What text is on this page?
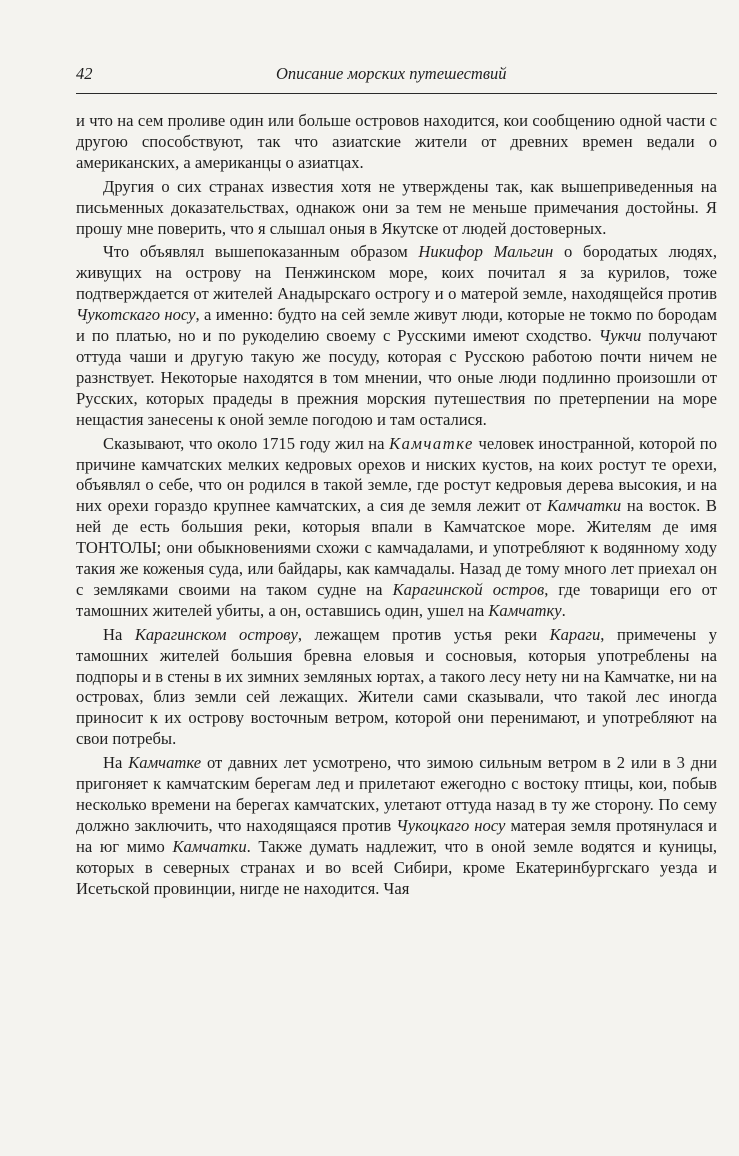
42	Описание морских путешествий

и что на сем проливе один или больше островов находится, кои сообщению одной части с другою способствуют, так что азиатские жители от древних времен ведали о американских, а американцы о азиатцах.

Другия о сих странах известия хотя не утверждены так, как вышеприведенныя на письменных доказательствах, однакож они за тем не меньше примечания достойны. Я прошу мне поверить, что я слышал оныя в Якутске от людей достоверных.

Что объявлял вышепоказанным образом Никифор Мальгин о бородатых людях, живущих на острову на Пенжинском море, коих почитал я за курилов, тоже подтверждается от жителей Анадырскаго острогу и о матерой земле, находящейся против Чукотскаго носу, а именно: будто на сей земле живут люди, которые не токмо по бородам и по платью, но и по рукоделию своему с Русскими имеют сходство. Чукчи получают оттуда чаши и другую такую же посуду, которая с Русскою работою почти ничем не разнствует. Некоторые находятся в том мнении, что оные люди подлинно произошли от Русских, которых прадеды в прежния морския путешествия по претерпении на море нещастия занесены к оной земле погодою и там осталися.

Сказывают, что около 1715 году жил на Камчатке человек иностранной, которой по причине камчатских мелких кедровых орехов и ниских кустов, на коих ростут те орехи, объявлял о себе, что он родился в такой земле, где ростут кедровыя дерева высокия, и на них орехи гораздо крупнее камчатских, а сия де земля лежит от Камчатки на восток. В ней де есть большия реки, которыя впали в Камчатское море. Жителям де имя ТОНТОЛЫ; они обыкновениями схожи с камчадалами, и употребляют к водянному ходу такия же коженыя суда, или байдары, как камчадалы. Назад де тому много лет приехал он с земляками своими на таком судне на Карагинской остров, где товарищи его от тамошних жителей убиты, а он, оставшись один, ушел на Камчатку.

На Карагинском острову, лежащем против устья реки Караги, примечены у тамошних жителей большия бревна еловыя и сосновыя, которыя употреблены на подпоры и в стены в их зимних земляных юртах, а такого лесу нету ни на Камчатке, ни на островах, близ земли сей лежащих. Жители сами сказывали, что такой лес иногда приносит к их острову восточным ветром, которой они перенимают, и употребляют на свои потребы.

На Камчатке от давних лет усмотрено, что зимою сильным ветром в 2 или в 3 дни пригоняет к камчатским берегам лед и прилетают ежегодно с востоку птицы, кои, побыв несколько времени на берегах камчатских, улетают оттуда назад в ту же сторону. По сему должно заключить, что находящаяся против Чукоцкаго носу матерая земля протянулася и на юг мимо Камчатки. Также думать надлежит, что в оной земле водятся и куницы, которых в северных странах и во всей Сибири, кроме Екатеринбургскаго уезда и Исетьской провинции, нигде не находится. Чая
